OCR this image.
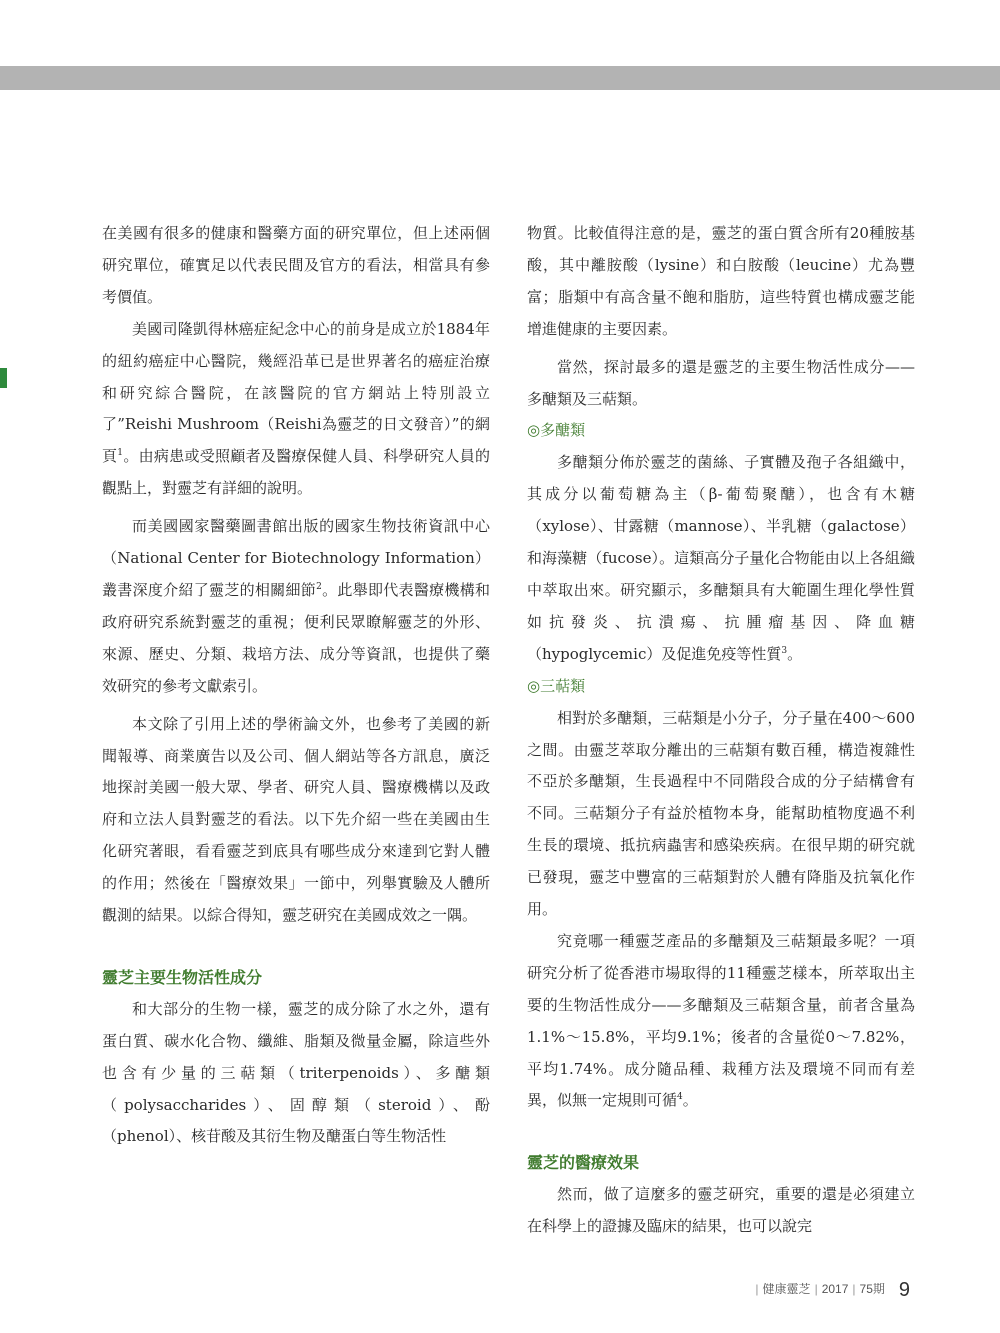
在美國有很多的健康和醫藥方面的研究單位，但上述兩個研究單位，確實足以代表民間及官方的看法，相當具有參考價值。

美國司隆凱得林癌症紀念中心的前身是成立於1884年的紐約癌症中心醫院，幾經沿革已是世界著名的癌症治療和研究綜合醫院，在該醫院的官方網站上特別設立了”Reishi Mushroom（Reishi為靈芝的日文發音）”的網頁$^1$。由病患或受照顧者及醫療保健人員、科學研究人員的觀點上，對靈芝有詳細的說明。

而美國國家醫藥圖書館出版的國家生物技術資訊中心（National Center for Biotechnology Information）叢書深度介紹了靈芝的相關細節$^2$。此舉即代表醫療機構和政府研究系統對靈芝的重視；便利民眾瞭解靈芝的外形、來源、歷史、分類、栽培方法、成分等資訊，也提供了藥效研究的參考文獻索引。

本文除了引用上述的學術論文外，也參考了美國的新聞報導、商業廣告以及公司、個人網站等各方訊息，廣泛地探討美國一般大眾、學者、研究人員、醫療機構以及政府和立法人員對靈芝的看法。以下先介紹一些在美國由生化研究著眼，看看靈芝到底具有哪些成分來達到它對人體的作用；然後在「醫療效果」一節中，列舉實驗及人體所觀測的結果。以綜合得知，靈芝研究在美國成效之一隅。

靈芝主要生物活性成分

和大部分的生物一樣，靈芝的成分除了水之外，還有蛋白質、碳水化合物、纖維、脂類及微量金屬，除這些外也含有少量的三萜類（triterpenoids）、多醣類（polysaccharides）、固醇類（steroid）、酚（phenol）、核苷酸及其衍生物及醣蛋白等生物活性

物質。比較值得注意的是，靈芝的蛋白質含所有20種胺基酸，其中離胺酸（lysine）和白胺酸（leucine）尤為豐富；脂類中有高含量不飽和脂肪，這些特質也構成靈芝能增進健康的主要因素。

當然，探討最多的還是靈芝的主要生物活性成分——多醣類及三萜類。

◎多醣類

多醣類分佈於靈芝的菌絲、子實體及孢子各組織中，其成分以葡萄糖為主（β-葡萄聚醣），也含有木糖（xylose）、甘露糖（mannose）、半乳糖（galactose）和海藻糖（fucose）。這類高分子量化合物能由以上各組織中萃取出來。研究顯示，多醣類具有大範圍生理化學性質如抗發炎、抗潰瘍、抗腫瘤基因、降血糖（hypoglycemic）及促進免疫等性質$^3$。

◎三萜類

相對於多醣類，三萜類是小分子，分子量在400～600之間。由靈芝萃取分離出的三萜類有數百種，構造複雜性不亞於多醣類，生長過程中不同階段合成的分子結構會有不同。三萜類分子有益於植物本身，能幫助植物度過不利生長的環境、抵抗病蟲害和感染疾病。在很早期的研究就已發現，靈芝中豐富的三萜類對於人體有降脂及抗氧化作用。

究竟哪一種靈芝產品的多醣類及三萜類最多呢？一項研究分析了從香港市場取得的11種靈芝樣本，所萃取出主要的生物活性成分——多醣類及三萜類含量，前者含量為1.1%～15.8%，平均9.1%；後者的含量從0～7.82%，平均1.74%。成分隨品種、栽種方法及環境不同而有差異，似無一定規則可循$^4$。

靈芝的醫療效果

然而，做了這麼多的靈芝研究，重要的還是必須建立在科學上的證據及臨床的結果，也可以說完

| 健康靈芝 | 2017 | 75期 9
